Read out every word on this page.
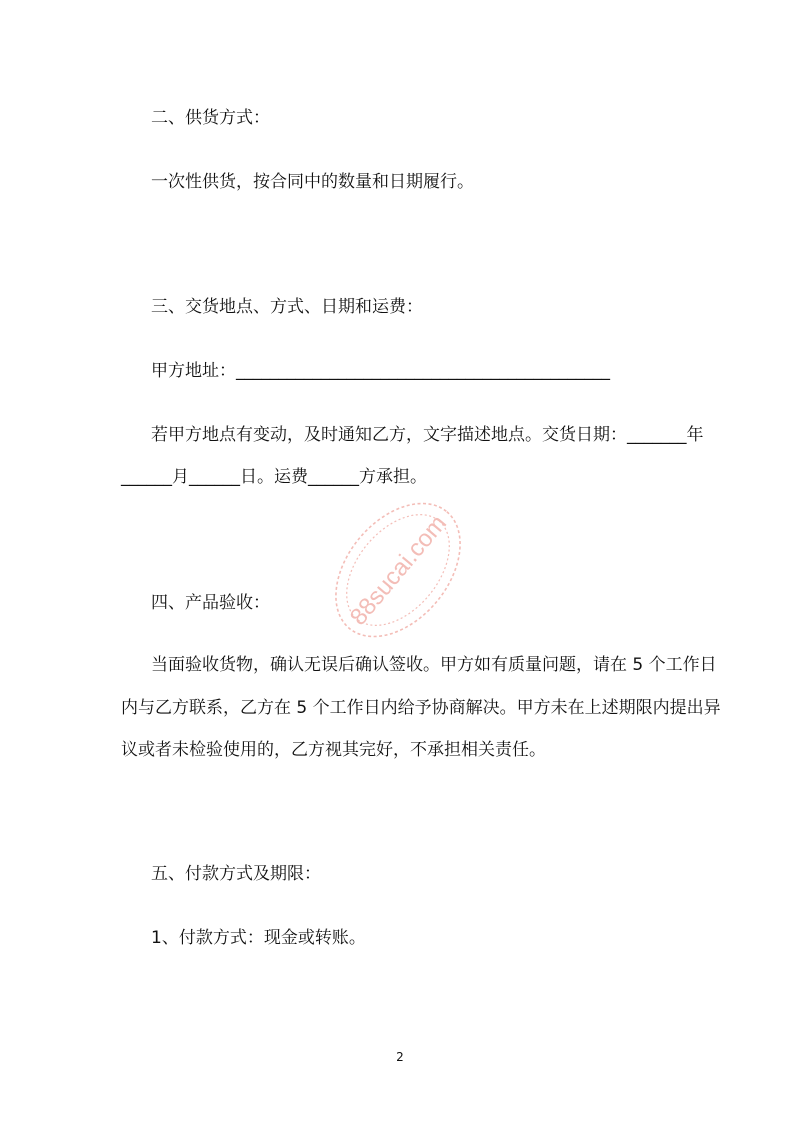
二、供货方式：
一次性供货，按合同中的数量和日期履行。
三、交货地点、方式、日期和运费：
甲方地址：____________________________________________
若甲方地点有变动，及时通知乙方，文字描述地点。交货日期：_______年
______月______日。运费______方承担。
四、产品验收：
当面验收货物，确认无误后确认签收。甲方如有质量问题，请在 5 个工作日
内与乙方联系，乙方在 5 个工作日内给予协商解决。甲方未在上述期限内提出异
议或者未检验使用的，乙方视其完好，不承担相关责任。
五、付款方式及期限：
1、付款方式：现金或转账。
88sucai.com
2
